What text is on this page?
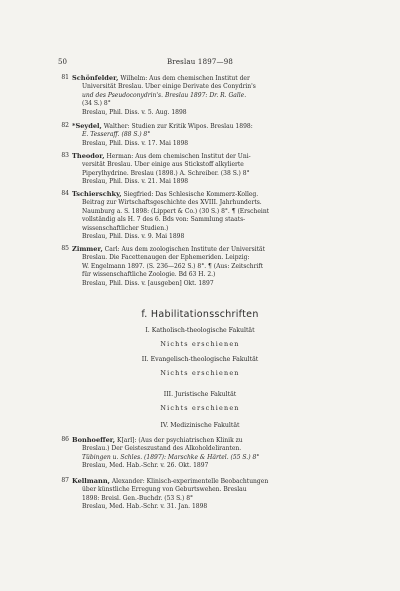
50	Breslau 1897—98
81 Schönfelder, Wilhelm: Aus dem chemischen Institut der
Universität Breslau. Über einige Derivate des Conydrin's
und des Pseudoconydrin's. Breslau 1897: Dr. R. Galle.
(34 S.) 8°
Breslau, Phil. Diss. v. 5. Aug. 1898
82 *Seydel, Walther: Studien zur Kritik Wipos. Breslau 1898:
E. Tesseraff. (88 S.) 8°
Breslau, Phil. Diss. v. 17. Mai 1898
83 Theodor, Herman: Aus dem chemischen Institut der Uni-
versität Breslau. Über einige aus Stickstoff alkylierte
Piperylhydrine. Breslau (1898.) A. Schreiber. (38 S.) 8°
Breslau, Phil. Diss. v. 21. Mai 1898
84 Tschierschky, Siegfried: Das Schlesische Kommerz-Kolleg.
Beitrag zur Wirtschaftsgeschichte des XVIII. Jahrhunderts.
Naumburg a. S. 1898: (Lippert & Co.) (30 S.) 8°. ¶ (Erscheint
vollständig als H. 7 des 6. Bds von: Sammlung staats-
wissenschaftlicher Studien.)
Breslau, Phil. Diss. v. 9. Mai 1898
85 Zimmer, Carl: Aus dem zoologischen Institute der Universität
Breslau. Die Facettenaugen der Ephemeriden. Leipzig:
W. Engelmann 1897. (S. 236—262 S.) 8°. ¶ (Aus: Zeitschrift
für wissenschaftliche Zoologie. Bd 63 H. 2.)
Breslau, Phil. Diss. v. [ausgeben] Okt. 1897
f. Habilitationsschriften
I. Katholisch-theologische Fakultät
Nichts erschienen
II. Evangelisch-theologische Fakultät
Nichts erschienen
III. Juristische Fakultät
Nichts erschienen
IV. Medizinische Fakultät
86 Bonhoeffer, K[arl]: (Aus der psychiatrischen Klinik zu
Breslau.) Der Geisteszustand des Alkoholdeliranten.
Tübingen u. Schles. (1897): Marschke & Härtel. (55 S.) 8°
Breslau, Med. Hab.-Schr. v. 26. Okt. 1897
87 Kellmann, Alexander: Klinisch-experimentelle Beobachtungen
über künstliche Erregung von Geburtswehen. Breslau
1898: Breisl. Gen.-Buchdr. (53 S.) 8°
Breslau, Med. Hab.-Schr. v. 31. Jan. 1898
